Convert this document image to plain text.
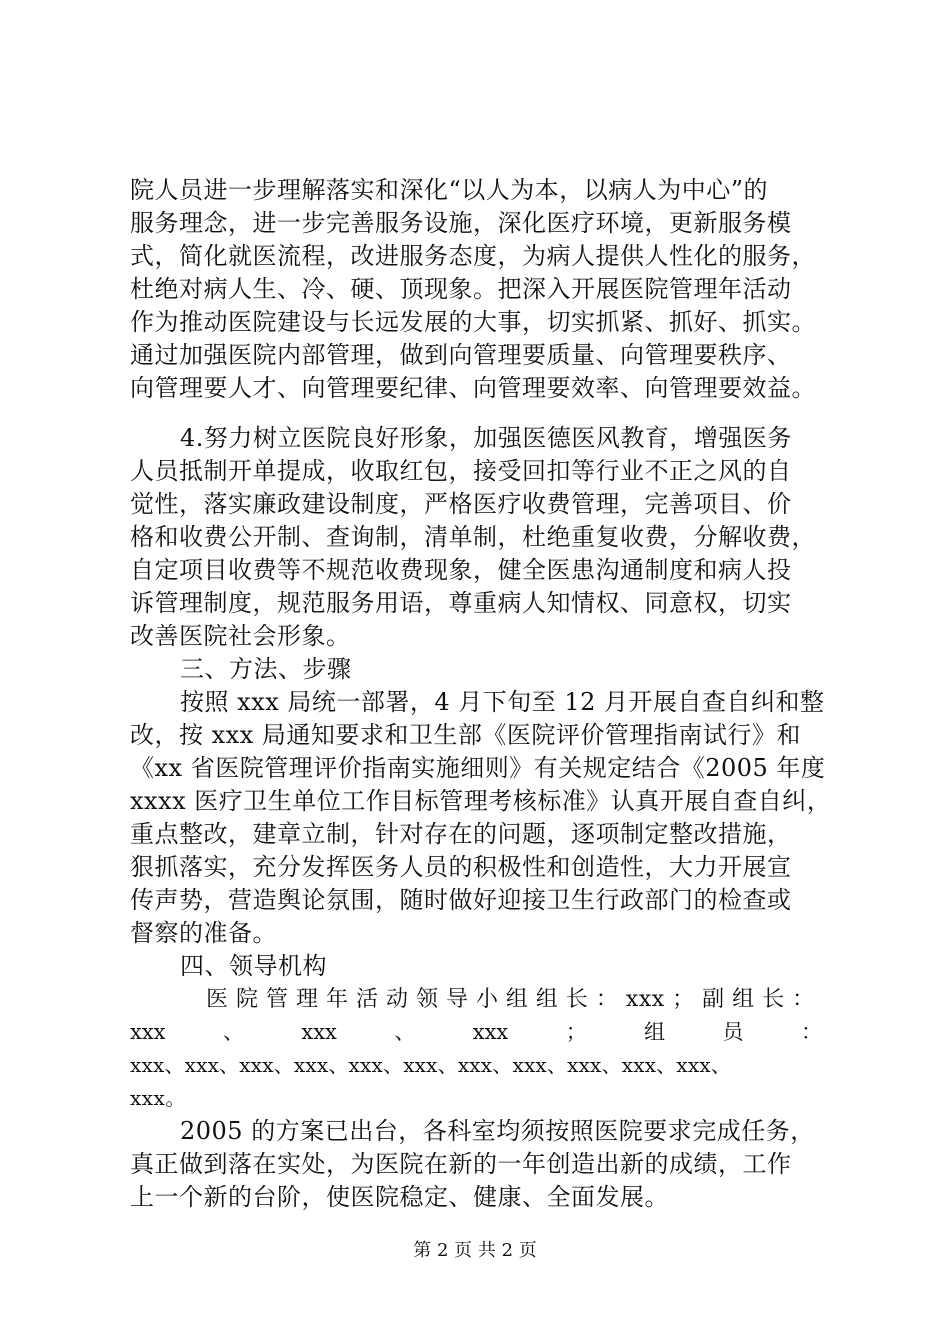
院人员进一步理解落实和深化“以人为本，以病人为中心”的
服务理念，进一步完善服务设施，深化医疗环境，更新服务模
式，简化就医流程，改进服务态度，为病人提供人性化的服务，
杜绝对病人生、冷、硬、顶现象。把深入开展医院管理年活动
作为推动医院建设与长远发展的大事，切实抓紧、抓好、抓实。
通过加强医院内部管理，做到向管理要质量、向管理要秩序、
向管理要人才、向管理要纪律、向管理要效率、向管理要效益。
4.努力树立医院良好形象，加强医德医风教育，增强医务
人员抵制开单提成，收取红包，接受回扣等行业不正之风的自
觉性，落实廉政建设制度，严格医疗收费管理，完善项目、价
格和收费公开制、查询制，清单制，杜绝重复收费，分解收费，
自定项目收费等不规范收费现象，健全医患沟通制度和病人投
诉管理制度，规范服务用语，尊重病人知情权、同意权，切实
改善医院社会形象。
三、方法、步骤
按照 xxx 局统一部署，4 月下旬至 12 月开展自查自纠和整
改，按 xxx 局通知要求和卫生部《医院评价管理指南试行》和
《xx 省医院管理评价指南实施细则》有关规定结合《2005 年度
xxxx 医疗卫生单位工作目标管理考核标准》认真开展自查自纠，
重点整改，建章立制，针对存在的问题，逐项制定整改措施，
狠抓落实，充分发挥医务人员的积极性和创造性，大力开展宣
传声势，营造舆论氛围，随时做好迎接卫生行政部门的检查或
督察的准备。
四、领导机构
医 院 管 理 年 活 动 领 导 小 组 组 长 ： xxx ； 副 组 长 ：
xxx	、	xxx	、	xxx	；	组	员	：
xxx、xxx、xxx、xxx、xxx、xxx、xxx、xxx、xxx、xxx、xxx、
xxx。
2005 的方案已出台，各科室均须按照医院要求完成任务，
真正做到落在实处，为医院在新的一年创造出新的成绩，工作
上一个新的台阶，使医院稳定、健康、全面发展。
第 2 页 共 2 页
